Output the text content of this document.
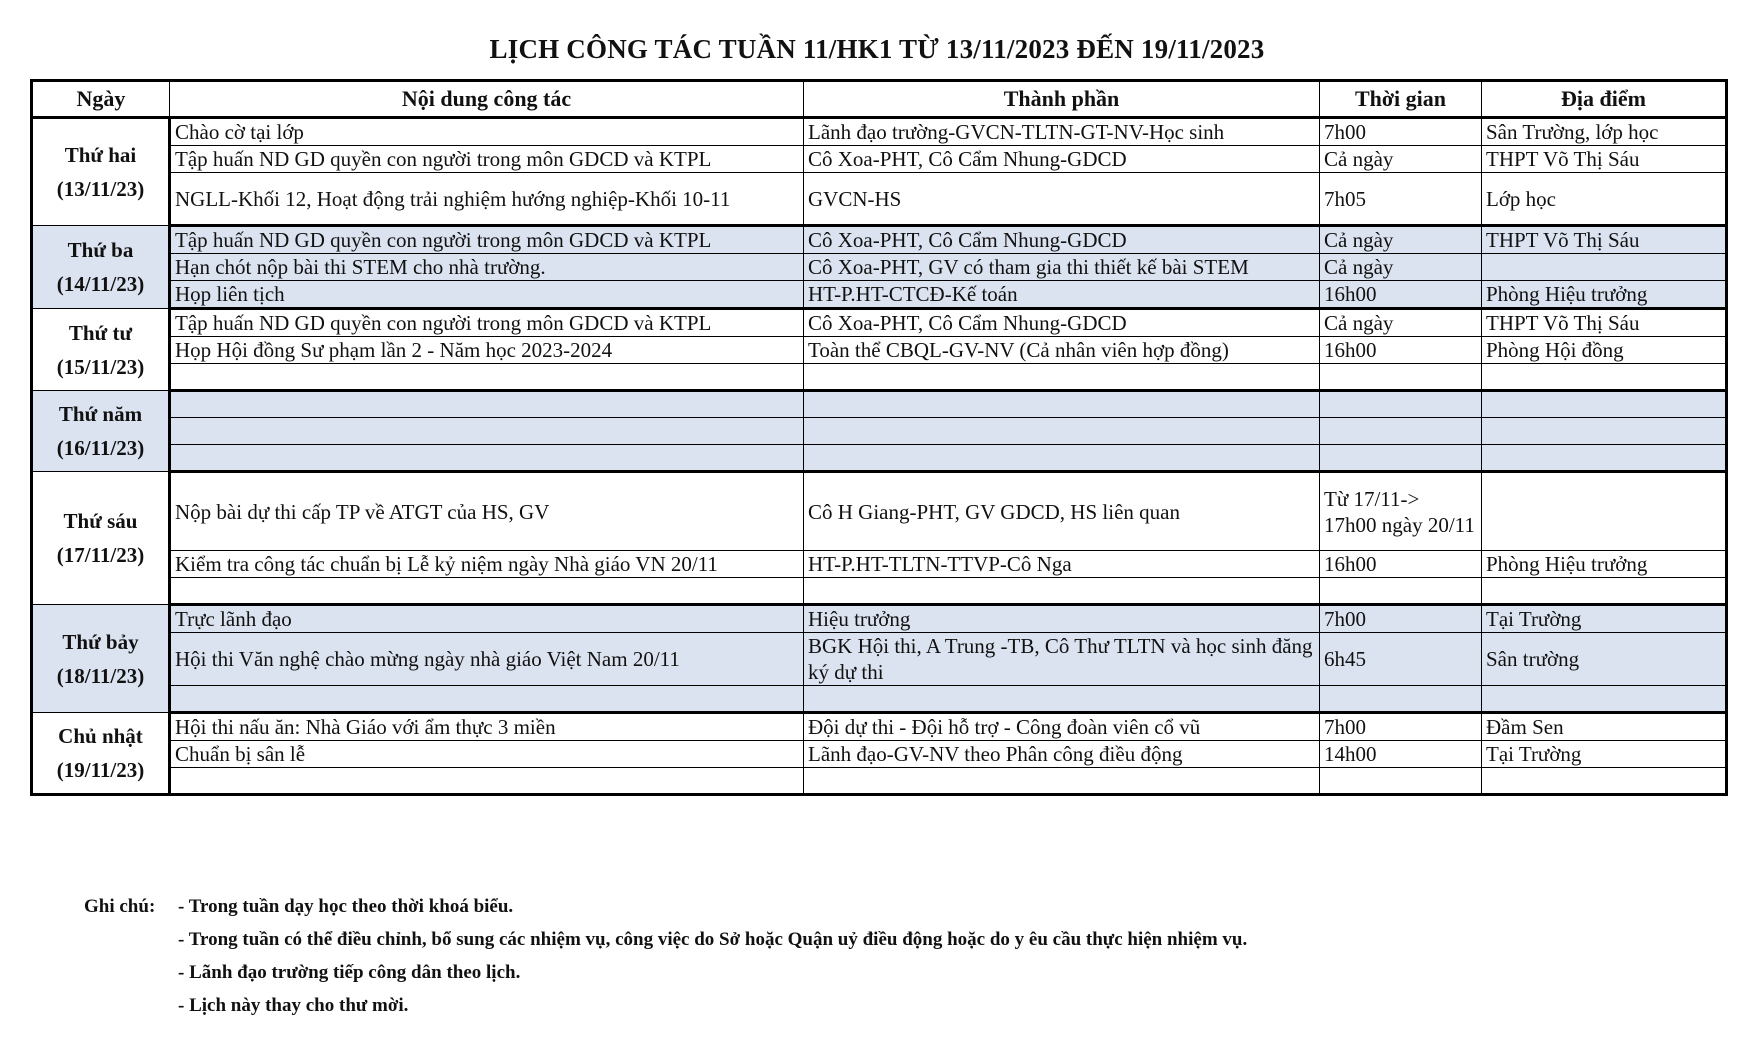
LỊCH CÔNG TÁC TUẦN 11/HK1 TỪ 13/11/2023 ĐẾN 19/11/2023
Ngày	Nội dung công tác	Thành phần	Thời gian	Địa điểm

Thứ hai
(13/11/23)	Chào cờ tại lớp	Lãnh đạo trường-GVCN-TLTN-GT-NV-Học sinh	7h00	Sân Trường, lớp học
	Tập huấn ND GD quyền con người trong môn GDCD và KTPL	Cô Xoa-PHT, Cô Cẩm Nhung-GDCD	Cả ngày	THPT Võ Thị Sáu
	NGLL-Khối 12, Hoạt động trải nghiệm hướng nghiệp-Khối 10-11	GVCN-HS	7h05	Lớp học

Thứ ba
(14/11/23)	Tập huấn ND GD quyền con người trong môn GDCD và KTPL	Cô Xoa-PHT, Cô Cẩm Nhung-GDCD	Cả ngày	THPT Võ Thị Sáu
	Hạn chót nộp bài thi STEM cho nhà trường.	Cô Xoa-PHT, GV có tham gia thi thiết kế bài STEM	Cả ngày	
	Họp liên tịch	HT-P.HT-CTCĐ-Kế toán	16h00	Phòng Hiệu trưởng

Thứ tư
(15/11/23)	Tập huấn ND GD quyền con người trong môn GDCD và KTPL	Cô Xoa-PHT, Cô Cẩm Nhung-GDCD	Cả ngày	THPT Võ Thị Sáu
	Họp Hội đồng Sư phạm lần 2 - Năm học 2023-2024	Toàn thể CBQL-GV-NV (Cả nhân viên hợp đồng)	16h00	Phòng Hội đồng

Thứ năm
(16/11/23)				

Thứ sáu
(17/11/23)	Nộp bài dự thi cấp TP về ATGT của HS, GV	Cô H Giang-PHT, GV GDCD, HS liên quan	Từ 17/11-> 17h00 ngày 20/11	
	Kiểm tra công tác chuẩn bị Lễ kỷ niệm ngày Nhà giáo VN 20/11	HT-P.HT-TLTN-TTVP-Cô Nga	16h00	Phòng Hiệu trưởng

Thứ bảy
(18/11/23)	Trực lãnh đạo	Hiệu trưởng	7h00	Tại Trường
	Hội thi Văn nghệ chào mừng ngày nhà giáo Việt Nam 20/11	BGK Hội thi, A Trung -TB, Cô Thư TLTN và học sinh đăng ký dự thi	6h45	Sân trường

Chủ nhật
(19/11/23)	Hội thi nấu ăn: Nhà Giáo với ẩm thực 3 miền	Đội dự thi - Đội hỗ trợ - Công đoàn viên cổ vũ	7h00	Đầm Sen
	Chuẩn bị sân lễ	Lãnh đạo-GV-NV theo Phân công điều động	14h00	Tại Trường

Ghi chú:	- Trong tuần dạy học theo thời khoá biểu.
- Trong tuần có thể điều chỉnh, bổ sung các nhiệm vụ, công việc do Sở hoặc Quận uỷ điều động hoặc do y êu cầu thực hiện nhiệm vụ.
- Lãnh đạo trường tiếp công dân theo lịch.
- Lịch này thay cho thư mời.
